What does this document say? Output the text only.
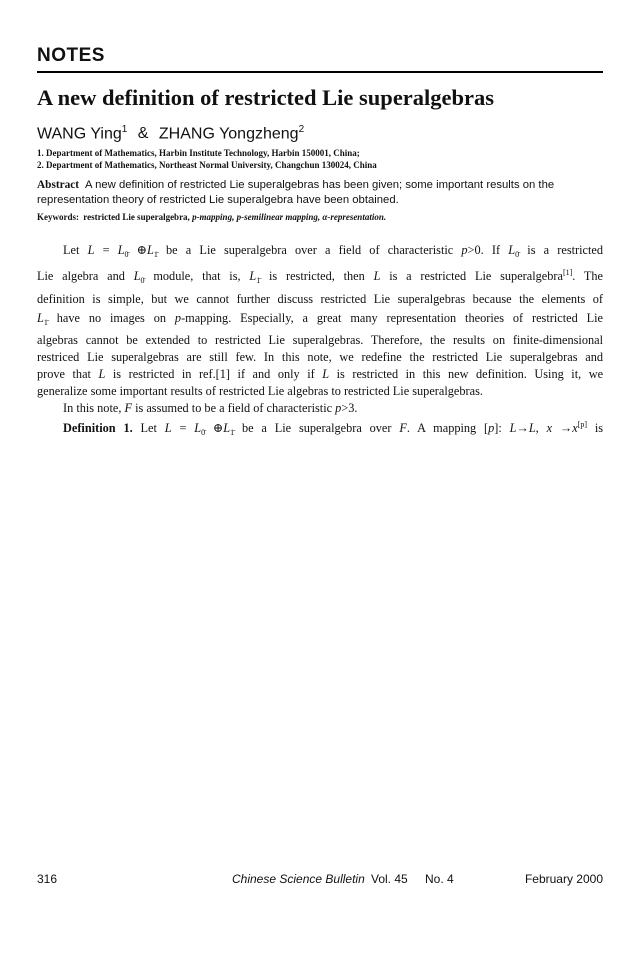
NOTES
A new definition of restricted Lie superalgebras
WANG Ying$^1$ & ZHANG Yongzheng$^2$
1. Department of Mathematics, Harbin Institute Technology, Harbin 150001, China;
2. Department of Mathematics, Northeast Normal University, Changchun 130024, China
Abstract A new definition of restricted Lie superalgebras has been given; some important results on the representation theory of restricted Lie superalgebra have been obtained.
Keywords: restricted Lie superalgebra, p-mapping, p-semilinear mapping, α-representation.
Let $L = L_{0̄}$ $\oplus L_{1̄}$ be a Lie superalgebra over a field of characteristic p>0. If $L_{0̄}$ is a restricted
Lie algebra and $L_{0̄}$ module, that is, $L_{1̄}$ is restricted, then L is a restricted Lie superalgebra[1]. The
definition is simple, but we cannot further discuss restricted Lie superalgebras because the elements of
$L_{1̄}$ have no images on p-mapping. Especially, a great many representation theories of restricted Lie
algebras cannot be extended to restricted Lie superalgebras. Therefore, the results on finite-dimensional
restriced Lie superalgebras are still few. In this note, we redefine the restricted Lie superalgebras and
prove that L is restricted in ref.[1] if and only if L is restricted in this new definition. Using it, we
generalize some important results of restricted Lie algebras to restricted Lie superalgebras.
In this note, F is assumed to be a field of characteristic p>3.
Definition 1. Let $L = L_{0̄}$ $\oplus L_{1̄}$ be a Lie superalgebra over F. A mapping [p]: L→L, x →x[p] is
316	Chinese Science Bulletin Vol. 45 No. 4	February 2000
